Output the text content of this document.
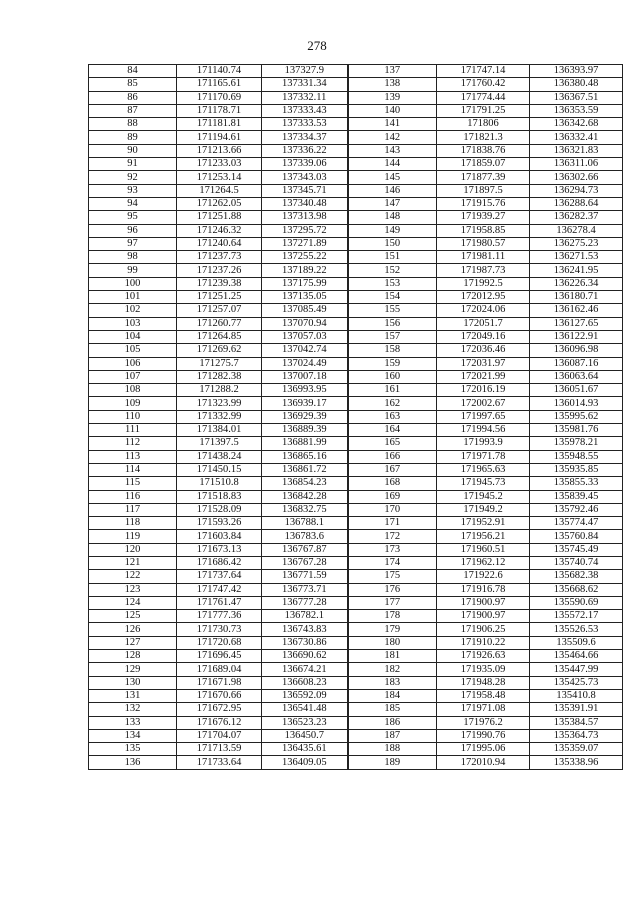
278
84	171140.74	137327.9	137	171747.14	136393.97
85	171165.61	137331.34	138	171760.42	136380.48
86	171170.69	137332.11	139	171774.44	136367.51
87	171178.71	137333.43	140	171791.25	136353.59
88	171181.81	137333.53	141	171806	136342.68
89	171194.61	137334.37	142	171821.3	136332.41
90	171213.66	137336.22	143	171838.76	136321.83
91	171233.03	137339.06	144	171859.07	136311.06
92	171253.14	137343.03	145	171877.39	136302.66
93	171264.5	137345.71	146	171897.5	136294.73
94	171262.05	137340.48	147	171915.76	136288.64
95	171251.88	137313.98	148	171939.27	136282.37
96	171246.32	137295.72	149	171958.85	136278.4
97	171240.64	137271.89	150	171980.57	136275.23
98	171237.73	137255.22	151	171981.11	136271.53
99	171237.26	137189.22	152	171987.73	136241.95
100	171239.38	137175.99	153	171992.5	136226.34
101	171251.25	137135.05	154	172012.95	136180.71
102	171257.07	137085.49	155	172024.06	136162.46
103	171260.77	137070.94	156	172051.7	136127.65
104	171264.85	137057.03	157	172049.16	136122.91
105	171269.62	137042.74	158	172036.46	136096.98
106	171275.7	137024.49	159	172031.97	136087.16
107	171282.38	137007.18	160	172021.99	136063.64
108	171288.2	136993.95	161	172016.19	136051.67
109	171323.99	136939.17	162	172002.67	136014.93
110	171332.99	136929.39	163	171997.65	135995.62
111	171384.01	136889.39	164	171994.56	135981.76
112	171397.5	136881.99	165	171993.9	135978.21
113	171438.24	136865.16	166	171971.78	135948.55
114	171450.15	136861.72	167	171965.63	135935.85
115	171510.8	136854.23	168	171945.73	135855.33
116	171518.83	136842.28	169	171945.2	135839.45
117	171528.09	136832.75	170	171949.2	135792.46
118	171593.26	136788.1	171	171952.91	135774.47
119	171603.84	136783.6	172	171956.21	135760.84
120	171673.13	136767.87	173	171960.51	135745.49
121	171686.42	136767.28	174	171962.12	135740.74
122	171737.64	136771.59	175	171922.6	135682.38
123	171747.42	136773.71	176	171916.78	135668.62
124	171761.47	136777.28	177	171900.97	135590.69
125	171777.36	136782.1	178	171900.97	135572.17
126	171730.73	136743.83	179	171906.25	135526.53
127	171720.68	136730.86	180	171910.22	135509.6
128	171696.45	136690.62	181	171926.63	135464.66
129	171689.04	136674.21	182	171935.09	135447.99
130	171671.98	136608.23	183	171948.28	135425.73
131	171670.66	136592.09	184	171958.48	135410.8
132	171672.95	136541.48	185	171971.08	135391.91
133	171676.12	136523.23	186	171976.2	135384.57
134	171704.07	136450.7	187	171990.76	135364.73
135	171713.59	136435.61	188	171995.06	135359.07
136	171733.64	136409.05	189	172010.94	135338.96
